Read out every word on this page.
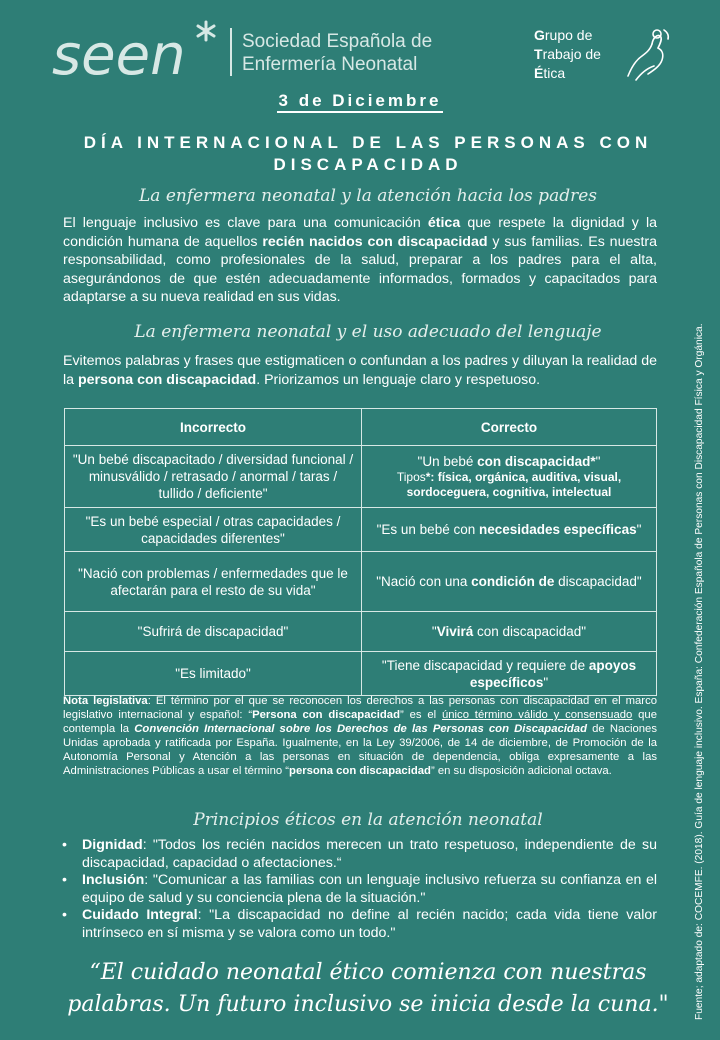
seen	Sociedad Española de
Enfermería Neonatal
Grupo de
Trabajo de
Ética
3 de Diciembre
DÍA INTERNACIONAL DE LAS PERSONAS CON DISCAPACIDAD
La enfermera neonatal y la atención hacia los padres
El lenguaje inclusivo es clave para una comunicación ética que respete la dignidad y la condición humana de aquellos recién nacidos con discapacidad y sus familias. Es nuestra responsabilidad, como profesionales de la salud, preparar a los padres para el alta, asegurándonos de que estén adecuadamente informados, formados y capacitados para adaptarse a su nueva realidad en sus vidas.
La enfermera neonatal y el uso adecuado del lenguaje
Evitemos palabras y frases que estigmaticen o confundan a los padres y diluyan la realidad de la persona con discapacidad. Priorizamos un lenguaje claro y respetuoso.
Incorrecto	Correcto
"Un bebé discapacitado / diversidad funcional / minusválido / retrasado / anormal / taras / tullido / deficiente"	"Un bebé con discapacidad*"
Tipos*: física, orgánica, auditiva, visual, sordoceguera, cognitiva, intelectual

"Es un bebé especial / otras capacidades / capacidades diferentes"	"Es un bebé con necesidades específicas"
"Nació con problemas / enfermedades que le afectarán para el resto de su vida"	"Nació con una condición de discapacidad"
"Sufrirá de discapacidad"	"Vivirá con discapacidad"
"Es limitado"	"Tiene discapacidad y requiere de apoyos específicos"
Nota legislativa: El término por el que se reconocen los derechos a las personas con discapacidad en el marco legislativo internacional y español: “Persona con discapacidad” es el único término válido y consensuado que contempla la Convención Internacional sobre los Derechos de las Personas con Discapacidad de Naciones Unidas aprobada y ratificada por España. Igualmente, en la Ley 39/2006, de 14 de diciembre, de Promoción de la Autonomía Personal y Atención a las personas en situación de dependencia, obliga expresamente a las Administraciones Públicas a usar el término “persona con discapacidad” en su disposición adicional octava.
Principios éticos en la atención neonatal
• Dignidad: "Todos los recién nacidos merecen un trato respetuoso, independiente de su discapacidad, capacidad o afectaciones.“
• Inclusión: "Comunicar a las familias con un lenguaje inclusivo refuerza su confianza en el equipo de salud y su conciencia plena de la situación."
• Cuidado Integral: "La discapacidad no define al recién nacido; cada vida tiene valor intrínseco en sí misma y se valora como un todo."
“El cuidado neonatal ético comienza con nuestras palabras. Un futuro inclusivo se inicia desde la cuna."	Fuente; adaptado de: COCEMFE. (2018). Guía de lenguaje inclusivo. España: Confederación Española de Personas con Discapacidad Física y Orgánica.
